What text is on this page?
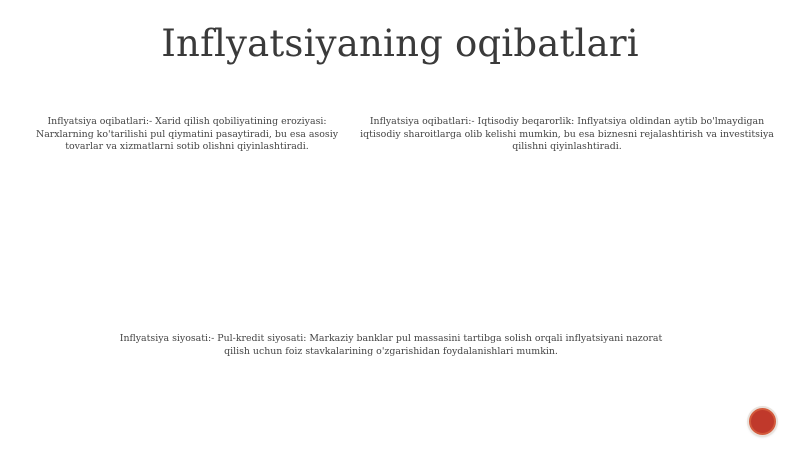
Inflyatsiyaning oqibatlari
Inflyatsiya oqibatlari:- Xarid qilish qobiliyatining eroziyasi: Narxlarning ko'tarilishi pul qiymatini pasaytiradi, bu esa asosiy tovarlar va xizmatlarni sotib olishni qiyinlashtiradi.
Inflyatsiya oqibatlari:- Iqtisodiy beqarorlik: Inflyatsiya oldindan aytib bo'lmaydigan iqtisodiy sharoitlarga olib kelishi mumkin, bu esa biznesni rejalashtirish va investitsiya qilishni qiyinlashtiradi.
Inflyatsiya siyosati:- Pul-kredit siyosati: Markaziy banklar pul massasini tartibga solish orqali inflyatsiyani nazorat qilish uchun foiz stavkalarining o'zgarishidan foydalanishlari mumkin.
